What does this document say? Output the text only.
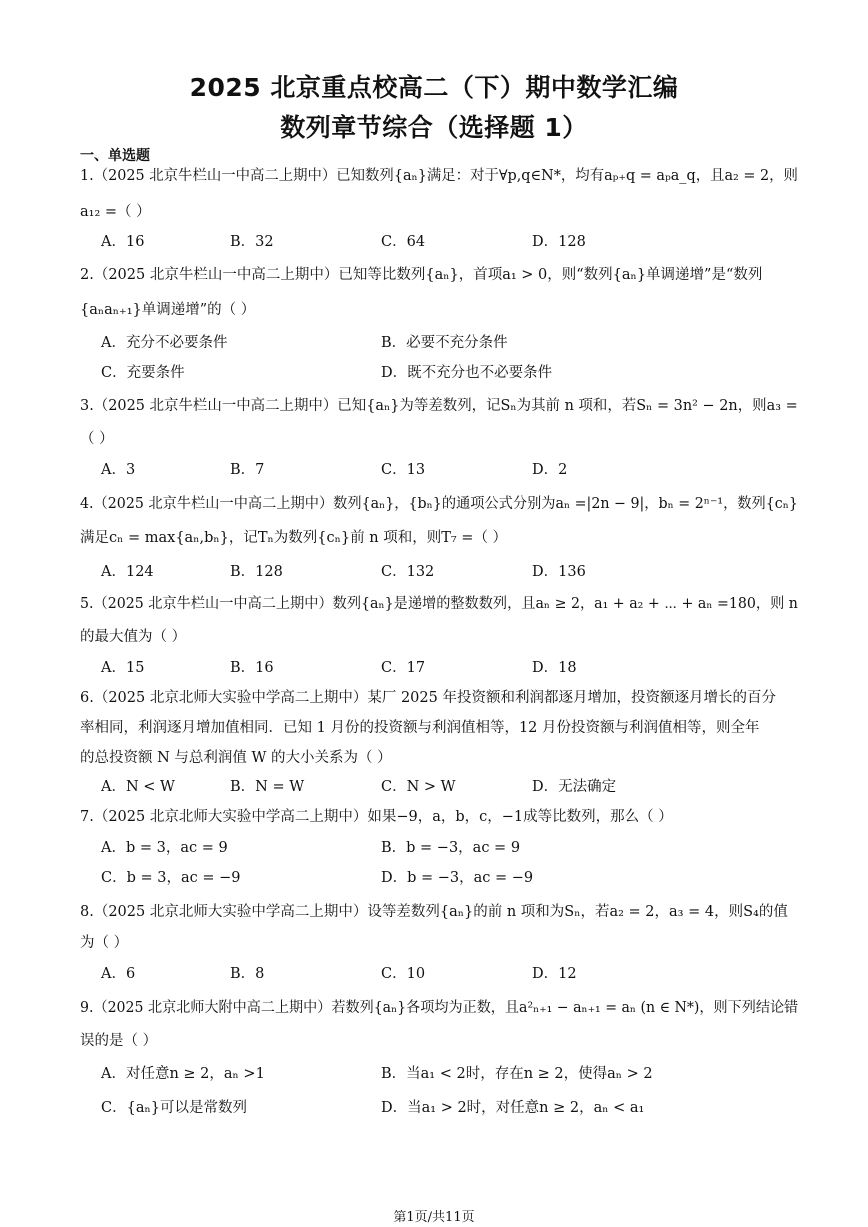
2025 北京重点校高二（下）期中数学汇编
数列章节综合（选择题 1）
一、单选题
1.（2025 北京牛栏山一中高二上期中）已知数列{aₙ}满足：对于∀p,q∈N*，均有aₚ₊q = aₚa_q，且a₂ = 2，则
a₁₂ =（ ）
A．16	B．32	C．64	D．128
2.（2025 北京牛栏山一中高二上期中）已知等比数列{aₙ}，首项a₁ > 0，则“数列{aₙ}单调递增”是“数列
{aₙaₙ₊₁}单调递增”的（ ）
A．充分不必要条件	B．必要不充分条件
C．充要条件	D．既不充分也不必要条件
3.（2025 北京牛栏山一中高二上期中）已知{aₙ}为等差数列，记Sₙ为其前 n 项和，若Sₙ = 3n² − 2n，则a₃ =
（ ）
A．3	B．7	C．13	D．2
4.（2025 北京牛栏山一中高二上期中）数列{aₙ}，{bₙ}的通项公式分别为aₙ =|2n − 9|，bₙ = 2ⁿ⁻¹，数列{cₙ}
满足cₙ = max{aₙ,bₙ}，记Tₙ为数列{cₙ}前 n 项和，则T₇ =（ ）
A．124	B．128	C．132	D．136
5.（2025 北京牛栏山一中高二上期中）数列{aₙ}是递增的整数数列，且aₙ ≥ 2，a₁ + a₂ + ⋯ + aₙ =180，则 n
的最大值为（ ）
A．15	B．16	C．17	D．18
6.（2025 北京北师大实验中学高二上期中）某厂 2025 年投资额和利润都逐月增加，投资额逐月增长的百分
率相同，利润逐月增加值相同．已知 1 月份的投资额与利润值相等，12 月份投资额与利润值相等，则全年
的总投资额 N 与总利润值 W 的大小关系为（ ）
A．N < W	B．N = W	C．N > W	D．无法确定
7.（2025 北京北师大实验中学高二上期中）如果−9，a，b，c，−1成等比数列，那么（ ）
A．b = 3，ac = 9	B．b = −3，ac = 9
C．b = 3，ac = −9	D．b = −3，ac = −9
8.（2025 北京北师大实验中学高二上期中）设等差数列{aₙ}的前 n 项和为Sₙ，若a₂ = 2，a₃ = 4，则S₄的值
为（ ）
A．6	B．8	C．10	D．12
9.（2025 北京北师大附中高二上期中）若数列{aₙ}各项均为正数，且a²ₙ₊₁ − aₙ₊₁ = aₙ (n ∈ N*)，则下列结论错
误的是（ ）
A．对任意n ≥ 2，aₙ >1	B．当a₁ < 2时，存在n ≥ 2，使得aₙ > 2
C．{aₙ}可以是常数列	D．当a₁ > 2时，对任意n ≥ 2，aₙ < a₁
第1页/共11页
